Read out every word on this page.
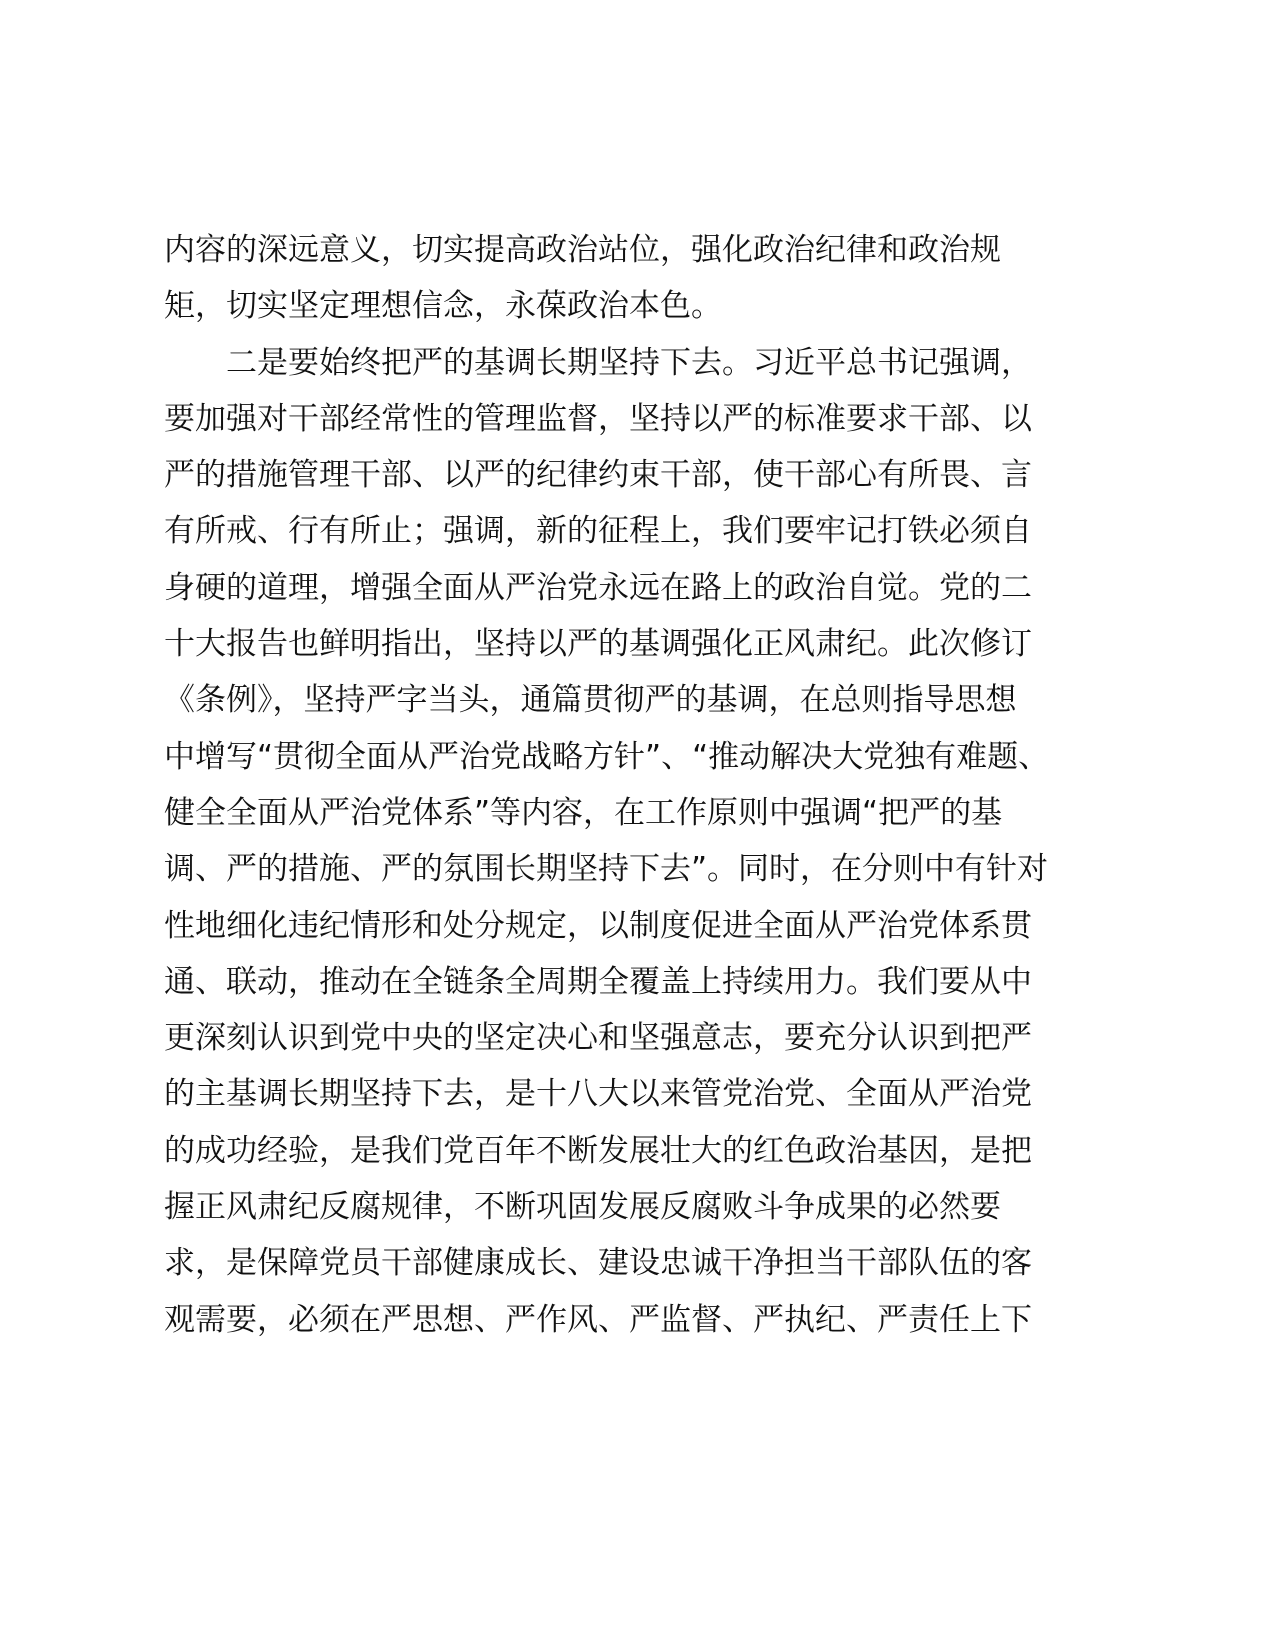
内容的深远意义，切实提高政治站位，强化政治纪律和政治规
矩，切实坚定理想信念，永葆政治本色。
二是要始终把严的基调长期坚持下去。习近平总书记强调，
要加强对干部经常性的管理监督，坚持以严的标准要求干部、以
严的措施管理干部、以严的纪律约束干部，使干部心有所畏、言
有所戒、行有所止；强调，新的征程上，我们要牢记打铁必须自
身硬的道理，增强全面从严治党永远在路上的政治自觉。党的二
十大报告也鲜明指出，坚持以严的基调强化正风肃纪。此次修订
《条例》，坚持严字当头，通篇贯彻严的基调，在总则指导思想
中增写“贯彻全面从严治党战略方针”、“推动解决大党独有难题、
健全全面从严治党体系”等内容，在工作原则中强调“把严的基
调、严的措施、严的氛围长期坚持下去”。同时，在分则中有针对
性地细化违纪情形和处分规定，以制度促进全面从严治党体系贯
通、联动，推动在全链条全周期全覆盖上持续用力。我们要从中
更深刻认识到党中央的坚定决心和坚强意志，要充分认识到把严
的主基调长期坚持下去，是十八大以来管党治党、全面从严治党
的成功经验，是我们党百年不断发展壮大的红色政治基因，是把
握正风肃纪反腐规律，不断巩固发展反腐败斗争成果的必然要
求，是保障党员干部健康成长、建设忠诚干净担当干部队伍的客
观需要，必须在严思想、严作风、严监督、严执纪、严责任上下
